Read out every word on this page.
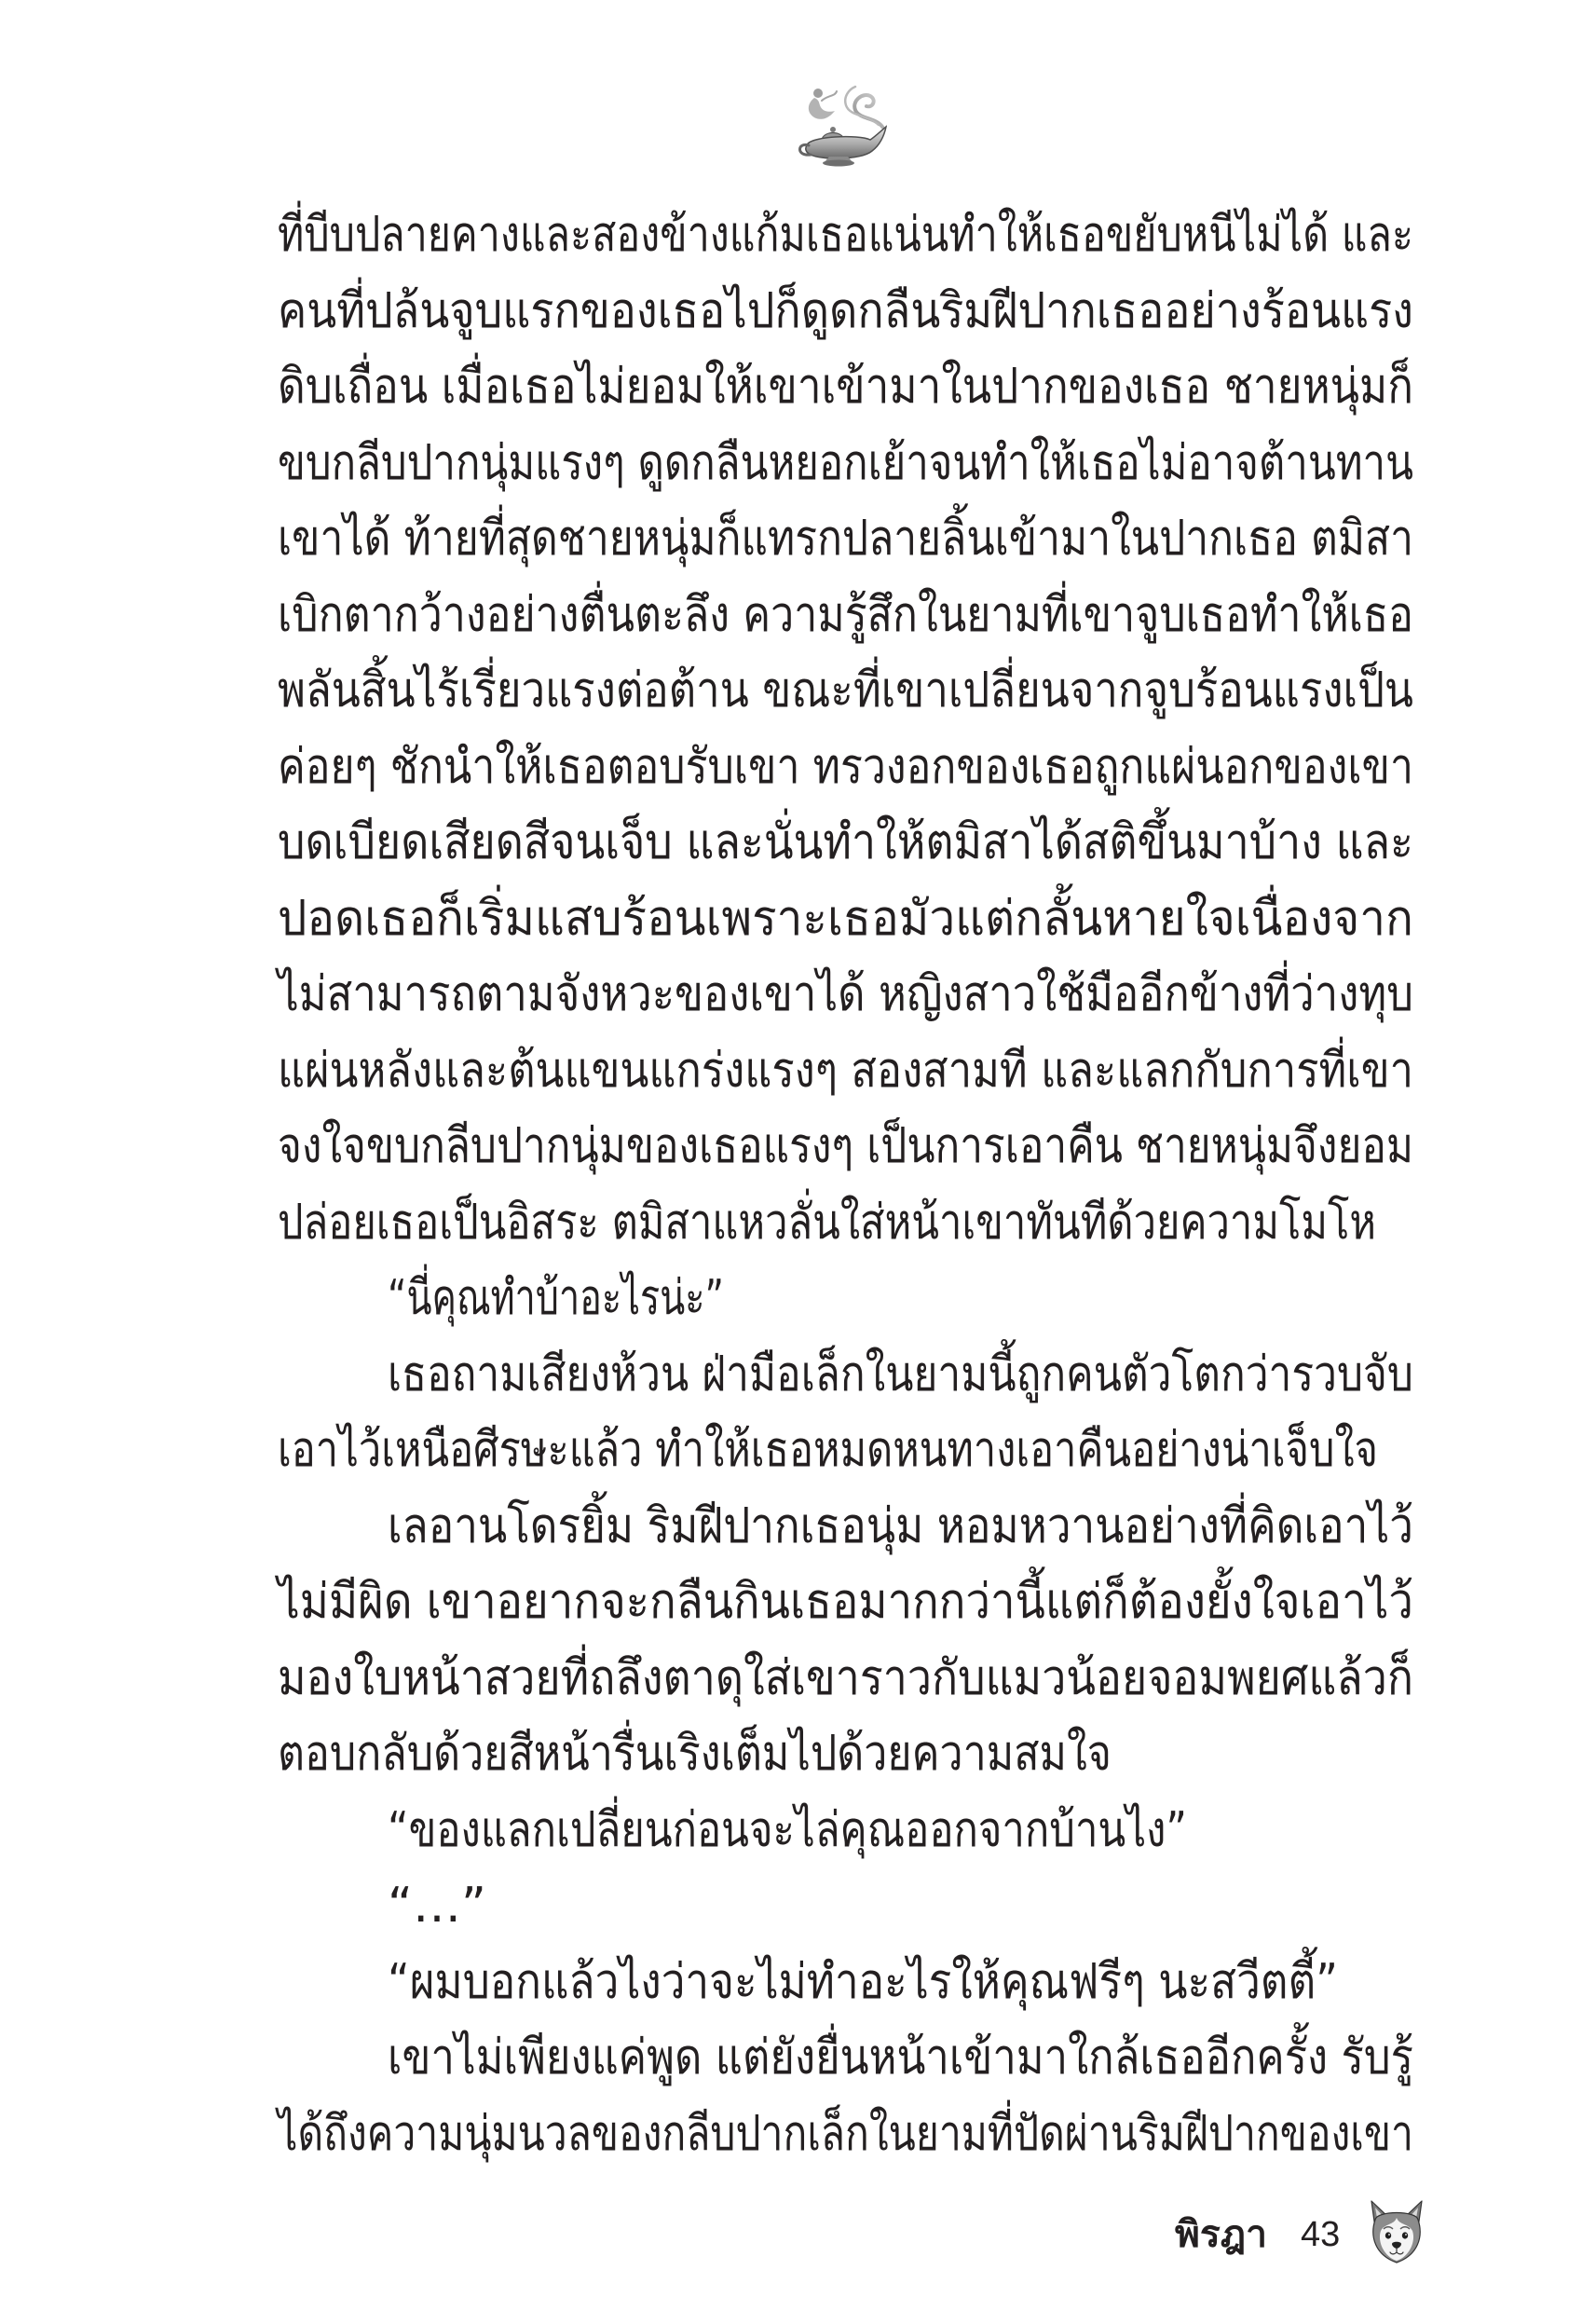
ที่บีบปลายคางและสองข้างแก้มเธอแน่นทำให้เธอขยับหนีไม่ได้ และ
คนที่ปล้นจูบแรกของเธอไปก็ดูดกลืนริมฝีปากเธออย่างร้อนแรง
ดิบเถื่อน เมื่อเธอไม่ยอมให้เขาเข้ามาในปากของเธอ ชายหนุ่มก็
ขบกลีบปากนุ่มแรงๆ ดูดกลืนหยอกเย้าจนทำให้เธอไม่อาจต้านทาน
เขาได้ ท้ายที่สุดชายหนุ่มก็แทรกปลายลิ้นเข้ามาในปากเธอ ตมิสา
เบิกตากว้างอย่างตื่นตะลึง ความรู้สึกในยามที่เขาจูบเธอทำให้เธอ
พลันสิ้นไร้เรี่ยวแรงต่อต้าน ขณะที่เขาเปลี่ยนจากจูบร้อนแรงเป็น
ค่อยๆ ชักนำให้เธอตอบรับเขา ทรวงอกของเธอถูกแผ่นอกของเขา
บดเบียดเสียดสีจนเจ็บ และนั่นทำให้ตมิสาได้สติขึ้นมาบ้าง และ
ปอดเธอก็เริ่มแสบร้อนเพราะเธอมัวแต่กลั้นหายใจเนื่องจาก
ไม่สามารถตามจังหวะของเขาได้ หญิงสาวใช้มืออีกข้างที่ว่างทุบ
แผ่นหลังและต้นแขนแกร่งแรงๆ สองสามที และแลกกับการที่เขา
จงใจขบกลีบปากนุ่มของเธอแรงๆ เป็นการเอาคืน ชายหนุ่มจึงยอม
ปล่อยเธอเป็นอิสระ ตมิสาแหวลั่นใส่หน้าเขาทันทีด้วยความโมโห
“นี่คุณทำบ้าอะไรน่ะ”
เธอถามเสียงห้วน ฝ่ามือเล็กในยามนี้ถูกคนตัวโตกว่ารวบจับ
เอาไว้เหนือศีรษะแล้ว ทำให้เธอหมดหนทางเอาคืนอย่างน่าเจ็บใจ
เลอานโดรยิ้ม ริมฝีปากเธอนุ่ม หอมหวานอย่างที่คิดเอาไว้
ไม่มีผิด เขาอยากจะกลืนกินเธอมากกว่านี้แต่ก็ต้องยั้งใจเอาไว้
มองใบหน้าสวยที่ถลึงตาดุใส่เขาราวกับแมวน้อยจอมพยศแล้วก็
ตอบกลับด้วยสีหน้ารื่นเริงเต็มไปด้วยความสมใจ
“ของแลกเปลี่ยนก่อนจะไล่คุณออกจากบ้านไง”
“…”
“ผมบอกแล้วไงว่าจะไม่ทำอะไรให้คุณฟรีๆ นะสวีตตี้”
เขาไม่เพียงแค่พูด แต่ยังยื่นหน้าเข้ามาใกล้เธออีกครั้ง รับรู้
ได้ถึงความนุ่มนวลของกลีบปากเล็กในยามที่ปัดผ่านริมฝีปากของเขา
พิรฎา 43
